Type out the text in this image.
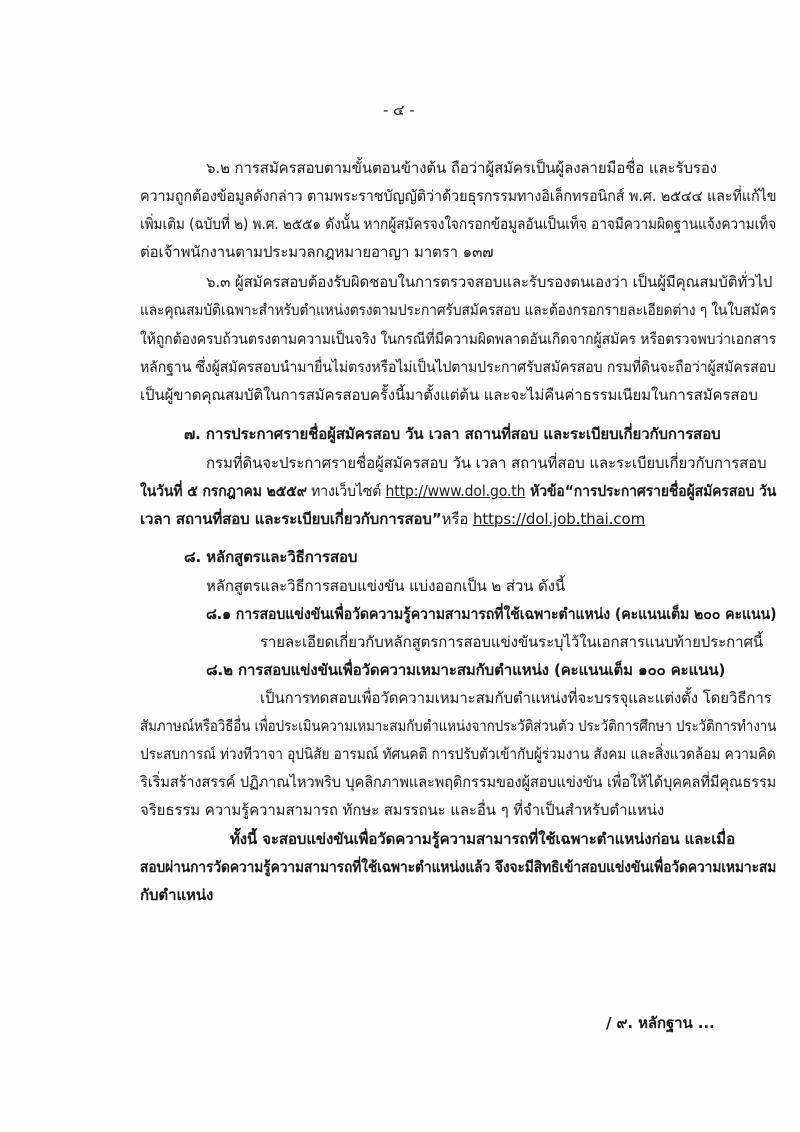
- ๔ -
๖.๒ การสมัครสอบตามขั้นตอนข้างต้น ถือว่าผู้สมัครเป็นผู้ลงลายมือชื่อ และรับรอง
ความถูกต้องข้อมูลดังกล่าว ตามพระราชบัญญัติว่าด้วยธุรกรรมทางอิเล็กทรอนิกส์ พ.ศ. ๒๕๔๔ และที่แก้ไข
เพิ่มเติม (ฉบับที่ ๒) พ.ศ. ๒๕๕๑ ดังนั้น หากผู้สมัครจงใจกรอกข้อมูลอันเป็นเท็จ อาจมีความผิดฐานแจ้งความเท็จ
ต่อเจ้าพนักงานตามประมวลกฎหมายอาญา มาตรา ๑๓๗
๖.๓ ผู้สมัครสอบต้องรับผิดชอบในการตรวจสอบและรับรองตนเองว่า เป็นผู้มีคุณสมบัติทั่วไป
และคุณสมบัติเฉพาะสำหรับตำแหน่งตรงตามประกาศรับสมัครสอบ และต้องกรอกรายละเอียดต่าง ๆ ในใบสมัคร
ให้ถูกต้องครบถ้วนตรงตามความเป็นจริง ในกรณีที่มีความผิดพลาดอันเกิดจากผู้สมัคร หรือตรวจพบว่าเอกสาร
หลักฐาน ซึ่งผู้สมัครสอบนำมายื่นไม่ตรงหรือไม่เป็นไปตามประกาศรับสมัครสอบ กรมที่ดินจะถือว่าผู้สมัครสอบ
เป็นผู้ขาดคุณสมบัติในการสมัครสอบครั้งนี้มาตั้งแต่ต้น และจะไม่คืนค่าธรรมเนียมในการสมัครสอบ
๗. การประกาศรายชื่อผู้สมัครสอบ วัน เวลา สถานที่สอบ และระเบียบเกี่ยวกับการสอบ
กรมที่ดินจะประกาศรายชื่อผู้สมัครสอบ วัน เวลา สถานที่สอบ และระเบียบเกี่ยวกับการสอบ
ในวันที่ ๕ กรกฎาคม ๒๕๕๙ ทางเว็บไซต์ http://www.dol.go.th หัวข้อ“การประกาศรายชื่อผู้สมัครสอบ วัน
เวลา สถานที่สอบ และระเบียบเกี่ยวกับการสอบ”หรือ https://dol.job.thai.com
๘. หลักสูตรและวิธีการสอบ
หลักสูตรและวิธีการสอบแข่งขัน แบ่งออกเป็น ๒ ส่วน ดังนี้
๘.๑ การสอบแข่งขันเพื่อวัดความรู้ความสามารถที่ใช้เฉพาะตำแหน่ง (คะแนนเต็ม ๒๐๐ คะแนน)
รายละเอียดเกี่ยวกับหลักสูตรการสอบแข่งขันระบุไว้ในเอกสารแนบท้ายประกาศนี้
๘.๒ การสอบแข่งขันเพื่อวัดความเหมาะสมกับตำแหน่ง (คะแนนเต็ม ๑๐๐ คะแนน)
เป็นการทดสอบเพื่อวัดความเหมาะสมกับตำแหน่งที่จะบรรจุและแต่งตั้ง โดยวิธีการ
สัมภาษณ์หรือวิธีอื่น เพื่อประเมินความเหมาะสมกับตำแหน่งจากประวัติส่วนตัว ประวัติการศึกษา ประวัติการทำงาน
ประสบการณ์ ท่วงทีวาจา อุปนิสัย อารมณ์ ทัศนคติ การปรับตัวเข้ากับผู้ร่วมงาน สังคม และสิ่งแวดล้อม ความคิด
ริเริ่มสร้างสรรค์ ปฏิภาณไหวพริบ บุคลิกภาพและพฤติกรรมของผู้สอบแข่งขัน เพื่อให้ได้บุคคลที่มีคุณธรรม
จริยธรรม ความรู้ความสามารถ ทักษะ สมรรถนะ และอื่น ๆ ที่จำเป็นสำหรับตำแหน่ง
ทั้งนี้ จะสอบแข่งขันเพื่อวัดความรู้ความสามารถที่ใช้เฉพาะตำแหน่งก่อน และเมื่อ
สอบผ่านการวัดความรู้ความสามารถที่ใช้เฉพาะตำแหน่งแล้ว จึงจะมีสิทธิเข้าสอบแข่งขันเพื่อวัดความเหมาะสม
กับตำแหน่ง
/ ๙. หลักฐาน ...
